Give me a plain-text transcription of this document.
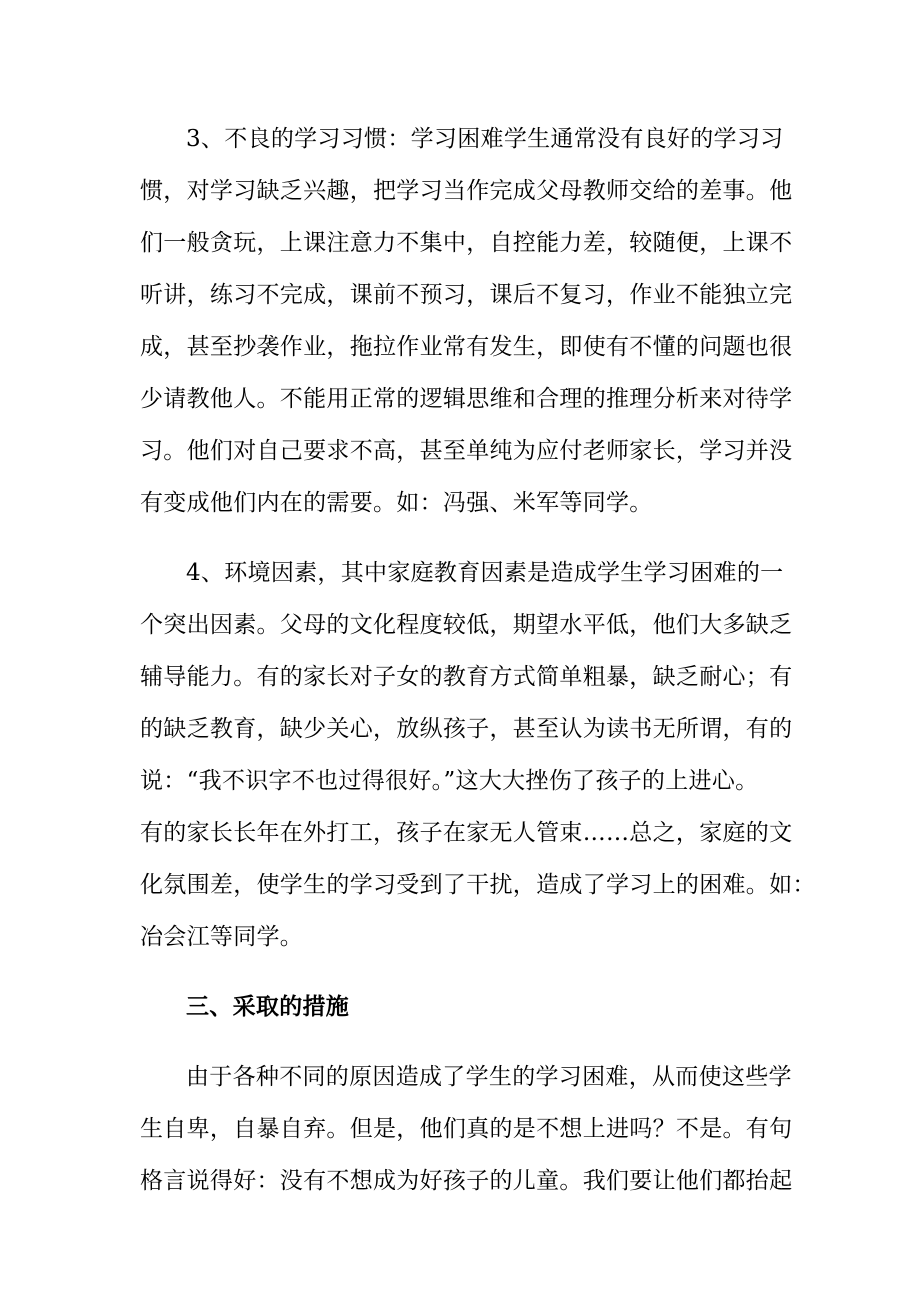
3、不良的学习习惯：学习困难学生通常没有良好的学习习
惯，对学习缺乏兴趣，把学习当作完成父母教师交给的差事。他
们一般贪玩，上课注意力不集中，自控能力差，较随便，上课不
听讲，练习不完成，课前不预习，课后不复习，作业不能独立完
成，甚至抄袭作业，拖拉作业常有发生，即使有不懂的问题也很
少请教他人。不能用正常的逻辑思维和合理的推理分析来对待学
习。他们对自己要求不高，甚至单纯为应付老师家长，学习并没
有变成他们内在的需要。如：冯强、米军等同学。
4、环境因素，其中家庭教育因素是造成学生学习困难的一
个突出因素。父母的文化程度较低，期望水平低，他们大多缺乏
辅导能力。有的家长对子女的教育方式简单粗暴，缺乏耐心；有
的缺乏教育，缺少关心，放纵孩子，甚至认为读书无所谓，有的
说：“我不识字不也过得很好。”这大大挫伤了孩子的上进心。
有的家长长年在外打工，孩子在家无人管束……总之，家庭的文
化氛围差，使学生的学习受到了干扰，造成了学习上的困难。如：
冶会江等同学。
三、采取的措施
由于各种不同的原因造成了学生的学习困难，从而使这些学
生自卑，自暴自弃。但是，他们真的是不想上进吗？不是。有句
格言说得好：没有不想成为好孩子的儿童。我们要让他们都抬起
